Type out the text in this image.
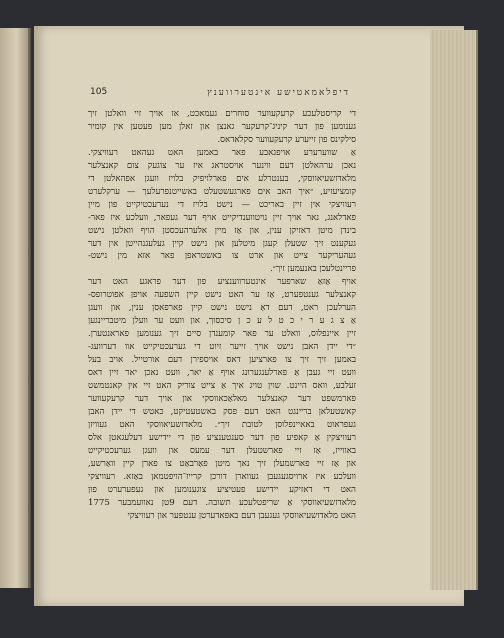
105	דיפלאמאטישע אינטערווענץ
די קריסטלעכע קרעקעווער סוחרים געמאכט, אז אויך זיי וואלטן זיך
גענומען פון דער קיניג־קרעקער גאנצן און זאלן מען פעטען אין קומיר
סילקינס פון זייערע קרעקעווער סקלאדאס.
אַ שווערערע אויפגאבע פאר באמען האט געהאט רעוויצקי.
נאכן ערהאלטן דעם ווינער אויסטראג איז ער צוגעק צום קאנצלער
מלאדזשעיאווסקי, בענטרלע אים פארלויפיק בלויז וועגן אפהאלטן די
קומציעזיע, ״איך האב אים פארגעשטעלט באשייטנפרעלעך — ערקלערט
רעוויצקי אין זיין באריכט — נישט בלויז די נערעכטיקייט פון מיין
פאדלאנג, נאר אויך זיין נויטווענדיקייט אויף דער געפאר, וועלכע איז פאר-
בינדן מיטן דאזיקן ענין, און אַז מיין אלערהעכסטן הויף וואלטן נישט
געקענט זיך שטעלן קעגן מיטלען און נישט קיין געלעגנהייטן אין דער
געהעריקער צייט און ארט צו באשטראפן פאר אזא מין נישט-
פריינטלעכן באנעמען זיך״.
אויף אַזאַ שארפער אינטערווענציע פון דער פראגע האט דער
קאנצלער גענטפערט, אַז ער האט נישט קיין השפעה אויפן אפוטרופס-
הערלעכן ראט, דעם דאַ נישט נישט קיין פארפאסן ענין, און וועגן
אַ צ ג ע ר י כ ט ל ע כ ן סיכסוך, און וועט ער וועלן מיטבריינגען
זיין איינפלוס, וואלט ער פאר קומענדן סיים זיך גענומען פאראנטערן.
״די יידן האבן נישט אויך זייער זיוט די גערעכטיקייט אוו דערוועג-
באמען זיך זיך צו פארציען דאס אויספירן דעם אורטייל. אויב בעל
וועט זיי געבן אַ פארלענגערונג אויף אַ יאר, וועט נאכן יאר זיין דאס
זעלבע, וואס היינט. שוין טויג איך אַ צייט צוריק האט זיי אין קאנטמשט
פארמשפט דער קאנצלער מאלאַכאווסקי און אויך דער קרעקעווער
קאשטעלאן בריינגט האט דעם פסק באשטעטיקט, כאטש די יידן האבן
געפראוט באאיינפלוסן לטובת זיך״. מלאדזשעיאווסקי האט געוויזן
רעוויצקין אַ קאפיע פון דער סענטענציע פון די יידישע דעלעגאטן אלס
באווייז, אַז זיי פארשטעלן דער עמעס און וועגן גערעכטיקייט
און אַז זיי פארשמעלן זיך נאך מיטן פאַרבאַט צו פארן קיין וואַרשע,
וועלכע איז ארויסגעגעבן געווארן דורכן קרייז־הויפטמאן באַזא. רעוויצקי
האט די דאזיקע יידישע פעטיציע צוגענומען און געפערערט פון
מלאדזשעיאווסקי אַ שריפטלעכע תשובה. דעם 9טן נאוועמבער 1775
האט מלאדזשעיאווסקי געגעבן דעם באפאדערטן ענטפער און רעוויצקי
